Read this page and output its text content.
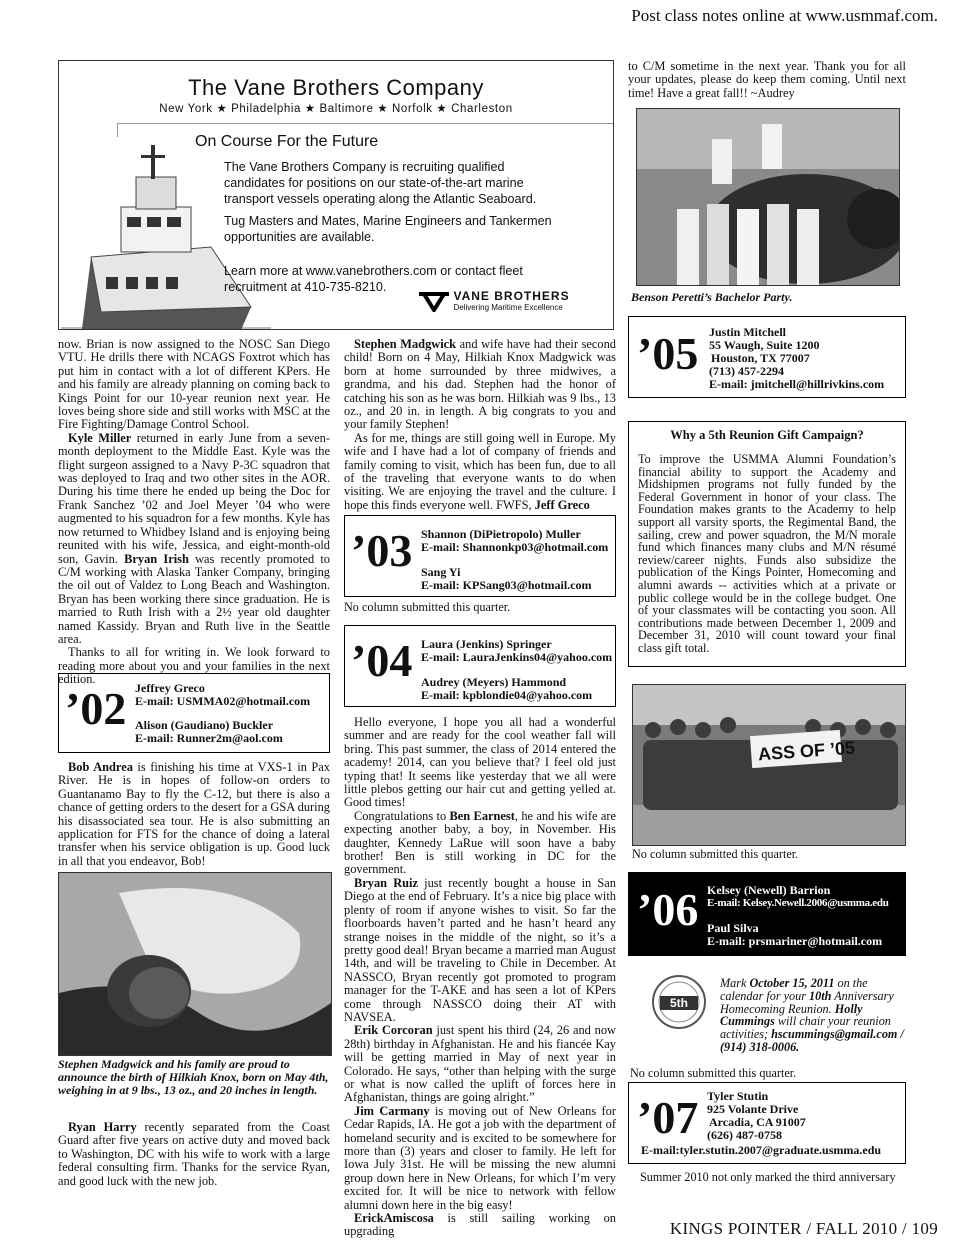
Post class notes online at www.usmmaf.com.
The Vane Brothers Company
New York ★ Philadelphia ★ Baltimore ★ Norfolk ★ Charleston
On Course For the Future
The Vane Brothers Company is recruiting qualified candidates for positions on our state-of-the-art marine transport vessels operating along the Atlantic Seaboard.
Tug Masters and Mates, Marine Engineers and Tankermen opportunities are available.
Learn more at www.vanebrothers.com or contact fleet recruitment at 410-735-8210.

VANE BROTHERS
Delivering Maritime Excellence

now. Brian is now assigned to the NOSC San Diego VTU. He drills there with NCAGS Foxtrot which has put him in contact with a lot of different KPers. He and his family are already planning on coming back to Kings Point for our 10-year reunion next year. He loves being shore side and still works with MSC at the Fire Fighting/Damage Control School.

Kyle Miller returned in early June from a seven-month deployment to the Middle East. Kyle was the flight surgeon assigned to a Navy P-3C squadron that was deployed to Iraq and two other sites in the AOR. During his time there he ended up being the Doc for Frank Sanchez ’02 and Joel Meyer ’04 who were augmented to his squadron for a few months. Kyle has now returned to Whidbey Island and is enjoying being reunited with his wife, Jessica, and eight-month-old son, Gavin. Bryan Irish was recently promoted to C/M working with Alaska Tanker Company, bringing the oil out of Valdez to Long Beach and Washington. Bryan has been working there since graduation. He is married to Ruth Irish with a 2½ year old daughter named Kassidy. Bryan and Ruth live in the Seattle area.

Thanks to all for writing in. We look forward to reading more about you and your families in the next edition.

’02 Jeffrey Greco
E-mail: USMMA02@hotmail.com
Alison (Gaudiano) Buckler
E-mail: Runner2m@aol.com

Bob Andrea is finishing his time at VXS-1 in Pax River. He is in hopes of follow-on orders to Guantanamo Bay to fly the C-12, but there is also a chance of getting orders to the desert for a GSA during his disassociated sea tour. He is also submitting an application for FTS for the chance of doing a lateral transfer when his service obligation is up. Good luck in all that you endeavor, Bob!

Stephen Madgwick and his family are proud to announce the birth of Hilkiah Knox, born on May 4th, weighing in at 9 lbs., 13 oz., and 20 inches in length.

Ryan Harry recently separated from the Coast Guard after five years on active duty and moved back to Washington, DC with his wife to work with a large federal consulting firm. Thanks for the service Ryan, and good luck with the new job.

Stephen Madgwick and wife have had their second child! Born on 4 May, Hilkiah Knox Madgwick was born at home surrounded by three midwives, a grandma, and his dad. Stephen had the honor of catching his son as he was born. Hilkiah was 9 lbs., 13 oz., and 20 in. in length. A big congrats to you and your family Stephen!

As for me, things are still going well in Europe. My wife and I have had a lot of company of friends and family coming to visit, which has been fun, due to all of the traveling that everyone wants to do when visiting. We are enjoying the travel and the culture. I hope this finds everyone well. FWFS, Jeff Greco

’03 Shannon (DiPietropolo) Muller
E-mail: Shannonkp03@hotmail.com
Sang Yi
E-mail: KPSang03@hotmail.com
No column submitted this quarter.
’04 Laura (Jenkins) Springer
E-mail: LauraJenkins04@yahoo.com
Audrey (Meyers) Hammond
E-mail: kpblondie04@yahoo.com

Hello everyone, I hope you all had a wonderful summer and are ready for the cool weather fall will bring. This past summer, the class of 2014 entered the academy! 2014, can you believe that? I feel old just typing that! It seems like yesterday that we all were little plebos getting our hair cut and getting yelled at. Good times!

Congratulations to Ben Earnest, he and his wife are expecting another baby, a boy, in November. His daughter, Kennedy LaRue will soon have a baby brother! Ben is still working in DC for the government.

Bryan Ruiz just recently bought a house in San Diego at the end of February. It’s a nice big place with plenty of room if anyone wishes to visit. So far the floorboards haven’t parted and he hasn’t heard any strange noises in the middle of the night, so it’s a pretty good deal! Bryan became a married man August 14th, and will be traveling to Chile in December. At NASSCO, Bryan recently got promoted to program manager for the T-AKE and has seen a lot of KPers come through NASSCO doing their AT with NAVSEA.

Erik Corcoran just spent his third (24, 26 and now 28th) birthday in Afghanistan. He and his fiancée Kay will be getting married in May of next year in Colorado. He says, “other than helping with the surge or what is now called the uplift of forces here in Afghanistan, things are going alright.”

Jim Carmany is moving out of New Orleans for Cedar Rapids, IA. He got a job with the department of homeland security and is excited to be somewhere for more than (3) years and closer to family. He left for Iowa July 31st. He will be missing the new alumni group down here in New Orleans, for which I’m very excited for. It will be nice to network with fellow alumni down here in the big easy!

ErickAmiscosa is still sailing working on upgrading

to C/M sometime in the next year. Thank you for all your updates, please do keep them coming. Until next time! Have a great fall!! ~Audrey

Benson Peretti’s Bachelor Party.
’05 Justin Mitchell
55 Waugh, Suite 1200
Houston, TX 77007
(713) 457-2294
E-mail: jmitchell@hillrivkins.com
Why a 5th Reunion Gift Campaign?

To improve the USMMA Alumni Foundation’s financial ability to support the Academy and Midshipmen programs not fully funded by the Federal Government in honor of your class. The Foundation makes grants to the Academy to help support all varsity sports, the Regimental Band, the sailing, crew and power squadron, the M/N morale fund which finances many clubs and M/N résumé review/career nights. Funds also subsidize the publication of the Kings Pointer, Homecoming and alumni awards -- activities which at a private or public college would be in the college budget. One of your classmates will be contacting you soon. All contributions made between December 1, 2009 and December 31, 2010 will count toward your final class gift total.

ASS OF ’05
No column submitted this quarter.
’06 Kelsey (Newell) Barrion
E-mail: Kelsey.Newell.2006@usmma.edu
Paul Silva
E-mail: prsmariner@hotmail.com
5th
Mark October 15, 2011 on the calendar for your 10th Anniversary Homecoming Reunion. Holly Cummings will chair your reunion activities; hscummings@gmail.com / (914) 318-0006.
No column submitted this quarter.
’07 Tyler Stutin
925 Volante Drive
Arcadia, CA 91007
(626) 487-0758
E-mail:tyler.stutin.2007@graduate.usmma.edu
Summer 2010 not only marked the third anniversary
KINGS POINTER / FALL 2010 / 109
